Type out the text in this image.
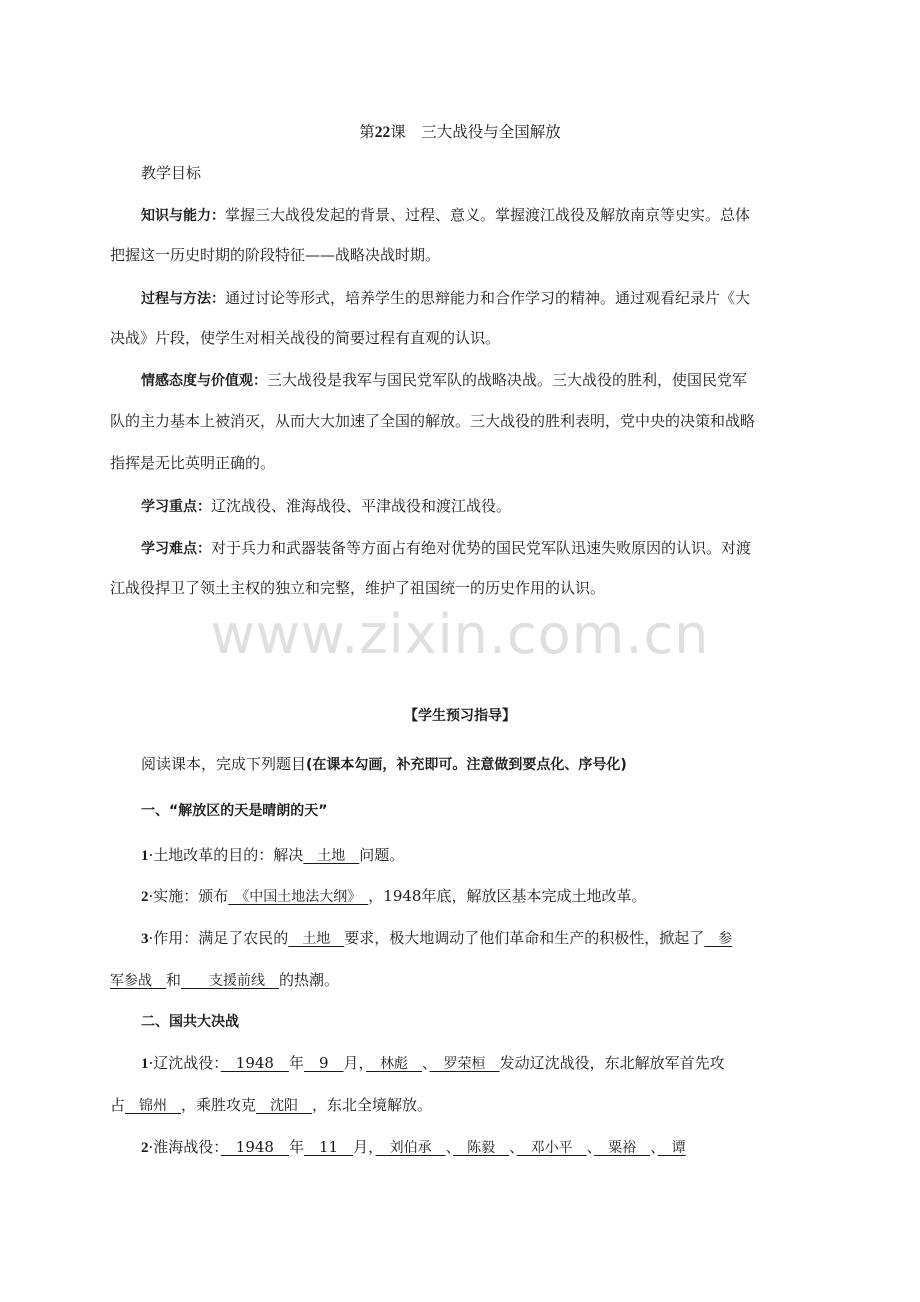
第22课　三大战役与全国解放
教学目标
知识与能力：掌握三大战役发起的背景、过程、意义。掌握渡江战役及解放南京等史实。总体
把握这一历史时期的阶段特征——战略决战时期。
过程与方法：通过讨论等形式，培养学生的思辩能力和合作学习的精神。通过观看纪录片《大
决战》片段，使学生对相关战役的简要过程有直观的认识。
情感态度与价值观：三大战役是我军与国民党军队的战略决战。三大战役的胜利，使国民党军
队的主力基本上被消灭，从而大大加速了全国的解放。三大战役的胜利表明，党中央的决策和战略
指挥是无比英明正确的。
学习重点：辽沈战役、淮海战役、平津战役和渡江战役。
学习难点：对于兵力和武器装备等方面占有绝对优势的国民党军队迅速失败原因的认识。对渡
江战役捍卫了领土主权的独立和完整，维护了祖国统一的历史作用的认识。
www.zixin.com.cn
【学生预习指导】
阅读课本，完成下列题目(在课本勾画，补充即可。注意做到要点化、序号化)
一、“解放区的天是晴朗的天”
1·土地改革的目的：解决　土地　问题。
2·实施：颁布　《中国土地法大纲》　，1948年底，解放区基本完成土地改革。
3·作用：满足了农民的　土地　要求，极大地调动了他们革命和生产的积极性，掀起了　参
军参战　和　　支援前线　的热潮。
二、国共大决战
1·辽沈战役：　1948　年　9　月，　林彪　、　罗荣桓　发动辽沈战役，东北解放军首先攻
占　锦州　，乘胜攻克　沈阳　，东北全境解放。
2·淮海战役：　1948　年　11　月，　刘伯承　、　陈毅　、　邓小平　、　粟裕　、　谭
